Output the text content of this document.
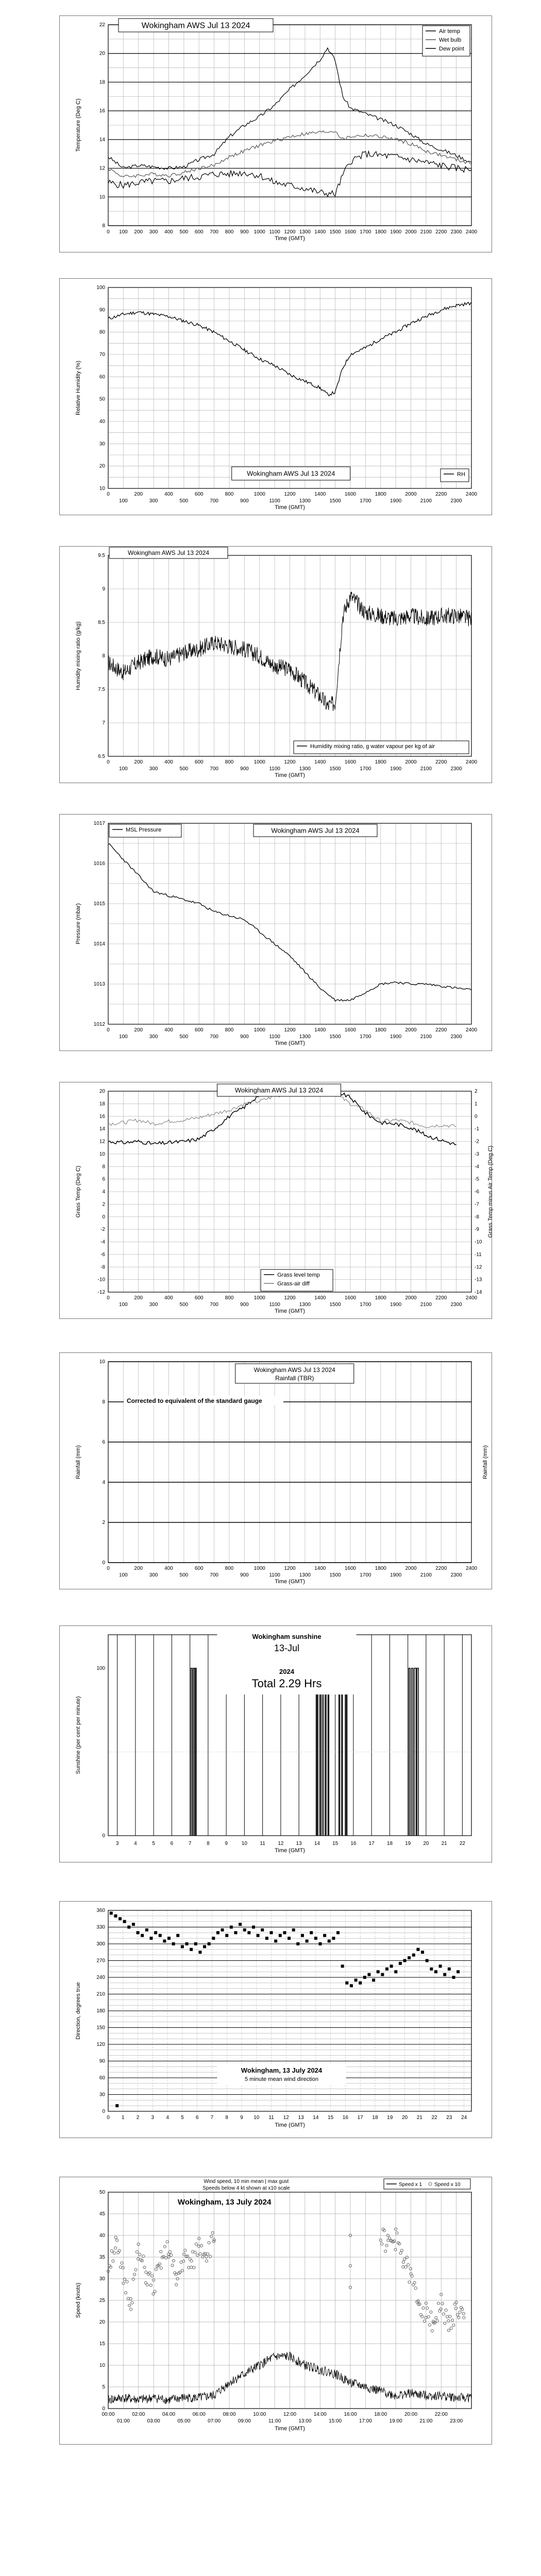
0 100 200 300 400 500 600 700 800 900 1000 1100 1200 1300 1400 1500 1600 1700 1800 1900 2000 2100 2200 2300 2400
Time (GMT)
8
10
12
14
16
18
20
22
Temperature (Deg C)
Wokingham AWS Jul 13 2024
Air temp
Wet bulb
Dew point
0	200	400	600	800	1000	1200	1400	1600	1800	2000	2200	2400
100	300	500	700	900	1100	1300	1500	1700	1900	2100	2300
Time (GMT)
10
20
30
40
50
60
70
80
90
100
Relative Humidity (%)
Wokingham AWS Jul 13 2024	RH
0	200	400	600	800	1000	1200	1400	1600	1800	2000	2200	2400
100	300	500	700	900	1100	1300	1500	1700	1900	2100	2300
Time (GMT)
6.5
7
7.5
8
8.5
9
9.5
Humidity mixing ratio (g/kg)
Wokingham AWS Jul 13 2024
Humidity mixing ratio, g water vapour per kg of air
0	200	400	600	800	1000	1200	1400	1600	1800	2000	2200	2400
100	300	500	700	900	1100	1300	1500	1700	1900	2100	2300
Time (GMT)
1012
1013
1014
1015
1016
1017
Pressure (mbar)
Wokingham AWS Jul 13 2024
MSL Pressure
0	200	400	600	800	1000	1200	1400	1600	1800	2000	2200	2400
100	300	500	700	900	1100	1300	1500	1700	1900	2100	2300
Time (GMT)
-12
-10
-8
-6
-4
-2
0
2
4
6
8
10
12
14
16
18
20
-14
-13
-12
-11
-10
-9
-8
-7
-6
-5
-4
-3
-2
-1
0
1
2
Grass Temp (Deg C)	Grass Temp minus Air Temp (Deg C)
Wokingham AWS Jul 13 2024
Grass level temp
Grass-air diff
0	200	400	600	800	1000	1200	1400	1600	1800	2000	2200	2400
100	300	500	700	900	1100	1300	1500	1700	1900	2100	2300
Time (GMT)
0
2
4
6
8
10
Rainfall (mm)	Rainfall (mm)
Wokingham AWS Jul 13 2024
Rainfall (TBR)
Corrected to equivalent of the standard gauge
3	4	5	6	7	8	9	10 11 12 13 14 15 16 17 18 19 20 21 22
Time (GMT)
0
100
Sunshine (per cent per minute)
Wokingham sunshine
13-Jul
2024
Total 2.29 Hrs
0 1 2 3 4 5 6 7 8 9 10 11 12 13 14 15 16 17 18 19 20 21 22 23 24
Time (GMT)
0
30
60
90
120
150
180
210
240
270
300
330
360
Direction, degrees true
Wokingham, 13 July 2024
5 minute mean wind direction
00:00	02:00	04:00	06:00	08:00	10:00	12:00	14:00	16:00	18:00	20:00	22:00
01:00	03:00	05:00	07:00	09:00	11:00	13:00	15:00	17:00	19:00	21:00	23:00
Time (GMT)
0
5
10
15
20
25
30
35
40
45
50
Speed (knots)
Wind speed, 10 min mean | max gust
Speeds below 4 kt shown at x10 scale
Speed x 1 Speed x 10
Wokingham, 13 July 2024
